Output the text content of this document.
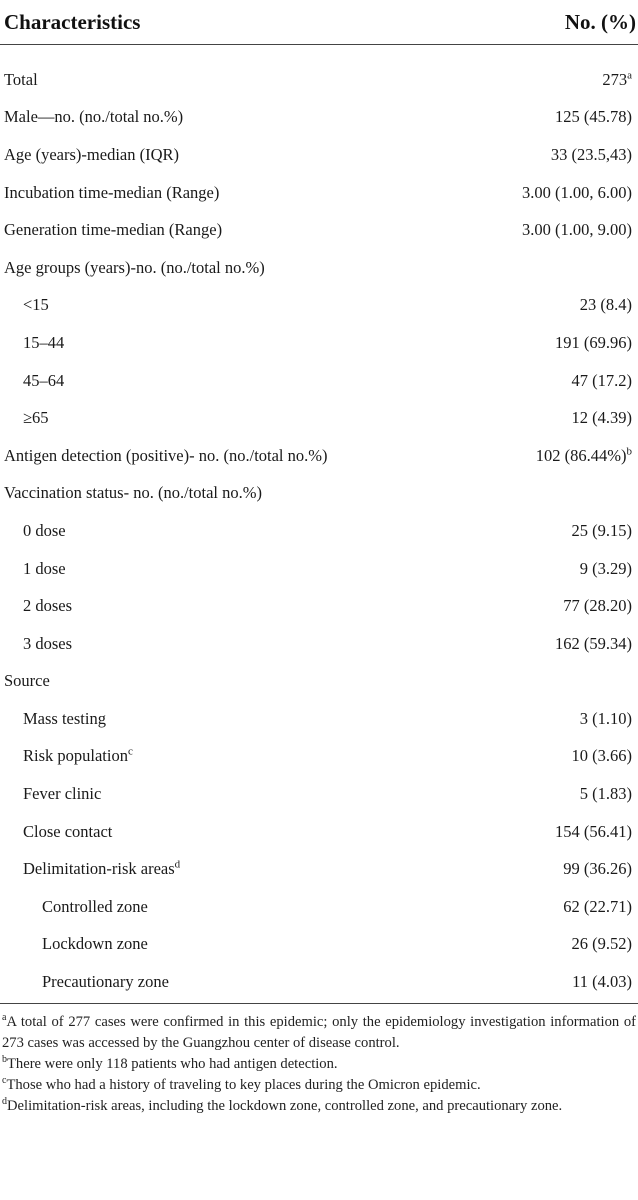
Characteristics	No. (%)
Total	273$^a$
Male—no. (no./total no.%)	125 (45.78)
Age (years)-median (IQR)	33 (23.5,43)
Incubation time-median (Range)	3.00 (1.00, 6.00)
Generation time-median (Range)	3.00 (1.00, 9.00)
Age groups (years)-no. (no./total no.%)
<15	23 (8.4)
15–44	191 (69.96)
45–64	47 (17.2)
≥65	12 (4.39)
Antigen detection (positive)- no. (no./total no.%)	102 $(86.44\%)^b$
Vaccination status- no. (no./total no.%)
0 dose	25 (9.15)
1 dose	9 (3.29)
2 doses	77 (28.20)
3 doses	162 (59.34)
Source
Mass testing	3 (1.10)
Risk population$^c$	10 (3.66)
Fever clinic	5 (1.83)
Close contact	154 (56.41)
Delimitation-risk areas$^d$	99 (36.26)
Controlled zone	62 (22.71)
Lockdown zone	26 (9.52)
Precautionary zone	11 (4.03)

$^a$A total of 277 cases were confirmed in this epidemic; only the epidemiology investigation information of 273 cases was accessed by the Guangzhou center of disease control.

$^b$There were only 118 patients who had antigen detection.

$^c$Those who had a history of traveling to key places during the Omicron epidemic.

$^d$Delimitation-risk areas, including the lockdown zone, controlled zone, and precautionary zone.
